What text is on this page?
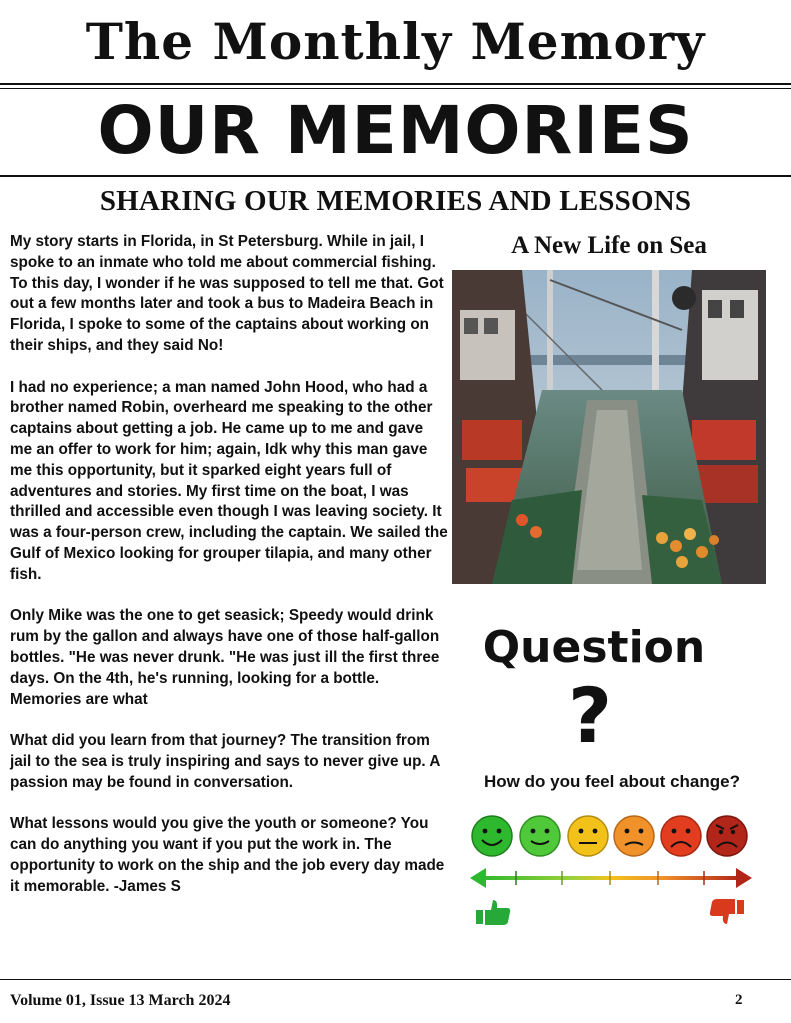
The Monthly Memory
OUR MEMORIES
SHARING OUR MEMORIES AND LESSONS

My story starts in Florida, in St Petersburg. While in jail, I spoke to an inmate who told me about commercial fishing. To this day, I wonder if he was supposed to tell me that. Got out a few months later and took a bus to Madeira Beach in Florida, I spoke to some of the captains about working on their ships, and they said No!

I had no experience; a man named John Hood, who had a brother named Robin, overheard me speaking to the other captains about getting a job. He came up to me and gave me an offer to work for him; again, Idk why this man gave me this opportunity, but it sparked eight years full of adventures and stories. My first time on the boat, I was thrilled and accessible even though I was leaving society. It was a four-person crew, including the captain. We sailed the Gulf of Mexico looking for grouper tilapia, and many other fish.

Only Mike was the one to get seasick; Speedy would drink rum by the gallon and always have one of those half-gallon bottles. "He was never drunk. "He was just ill the first three days. On the 4th, he's running, looking for a bottle. Memories are what

What did you learn from that journey? The transition from jail to the sea is truly inspiring and says to never give up. A passion may be found in conversation.

What lessons would you give the youth or someone? You can do anything you want if you put the work in. The opportunity to work on the ship and the job every day made it memorable. -James S

A New Life on Sea
Question
?
How do you feel about change?
Volume 01, Issue 13 March 2024	2
